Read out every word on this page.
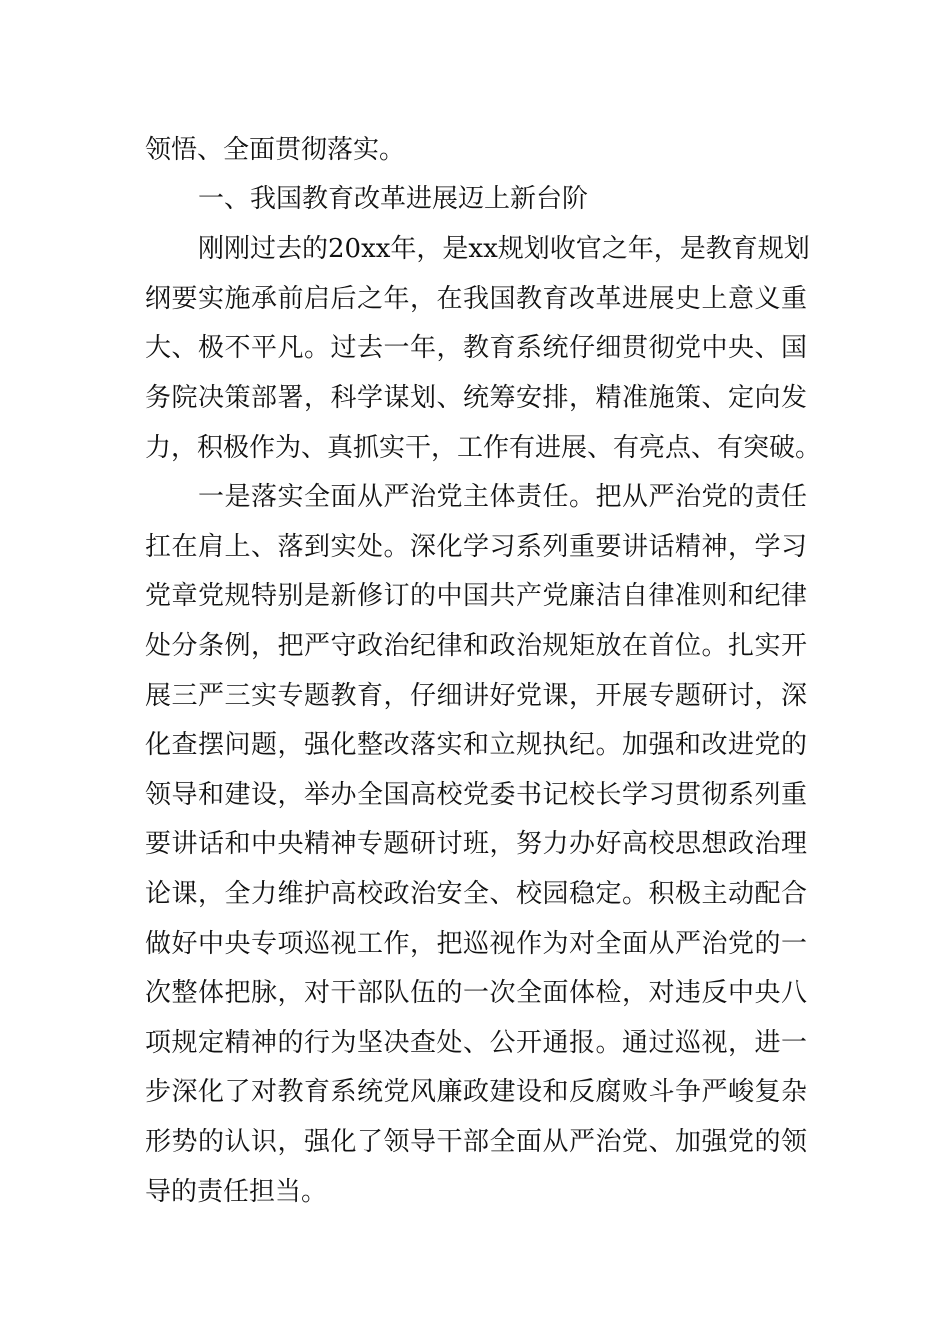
领悟、全面贯彻落实。
一、我国教育改革进展迈上新台阶
刚刚过去的20xx年，是xx规划收官之年，是教育规划
纲要实施承前启后之年，在我国教育改革进展史上意义重
大、极不平凡。过去一年，教育系统仔细贯彻党中央、国
务院决策部署，科学谋划、统筹安排，精准施策、定向发
力，积极作为、真抓实干，工作有进展、有亮点、有突破。
一是落实全面从严治党主体责任。把从严治党的责任
扛在肩上、落到实处。深化学习系列重要讲话精神，学习
党章党规特别是新修订的中国共产党廉洁自律准则和纪律
处分条例，把严守政治纪律和政治规矩放在首位。扎实开
展三严三实专题教育，仔细讲好党课，开展专题研讨，深
化查摆问题，强化整改落实和立规执纪。加强和改进党的
领导和建设，举办全国高校党委书记校长学习贯彻系列重
要讲话和中央精神专题研讨班，努力办好高校思想政治理
论课，全力维护高校政治安全、校园稳定。积极主动配合
做好中央专项巡视工作，把巡视作为对全面从严治党的一
次整体把脉，对干部队伍的一次全面体检，对违反中央八
项规定精神的行为坚决查处、公开通报。通过巡视，进一
步深化了对教育系统党风廉政建设和反腐败斗争严峻复杂
形势的认识，强化了领导干部全面从严治党、加强党的领
导的责任担当。
